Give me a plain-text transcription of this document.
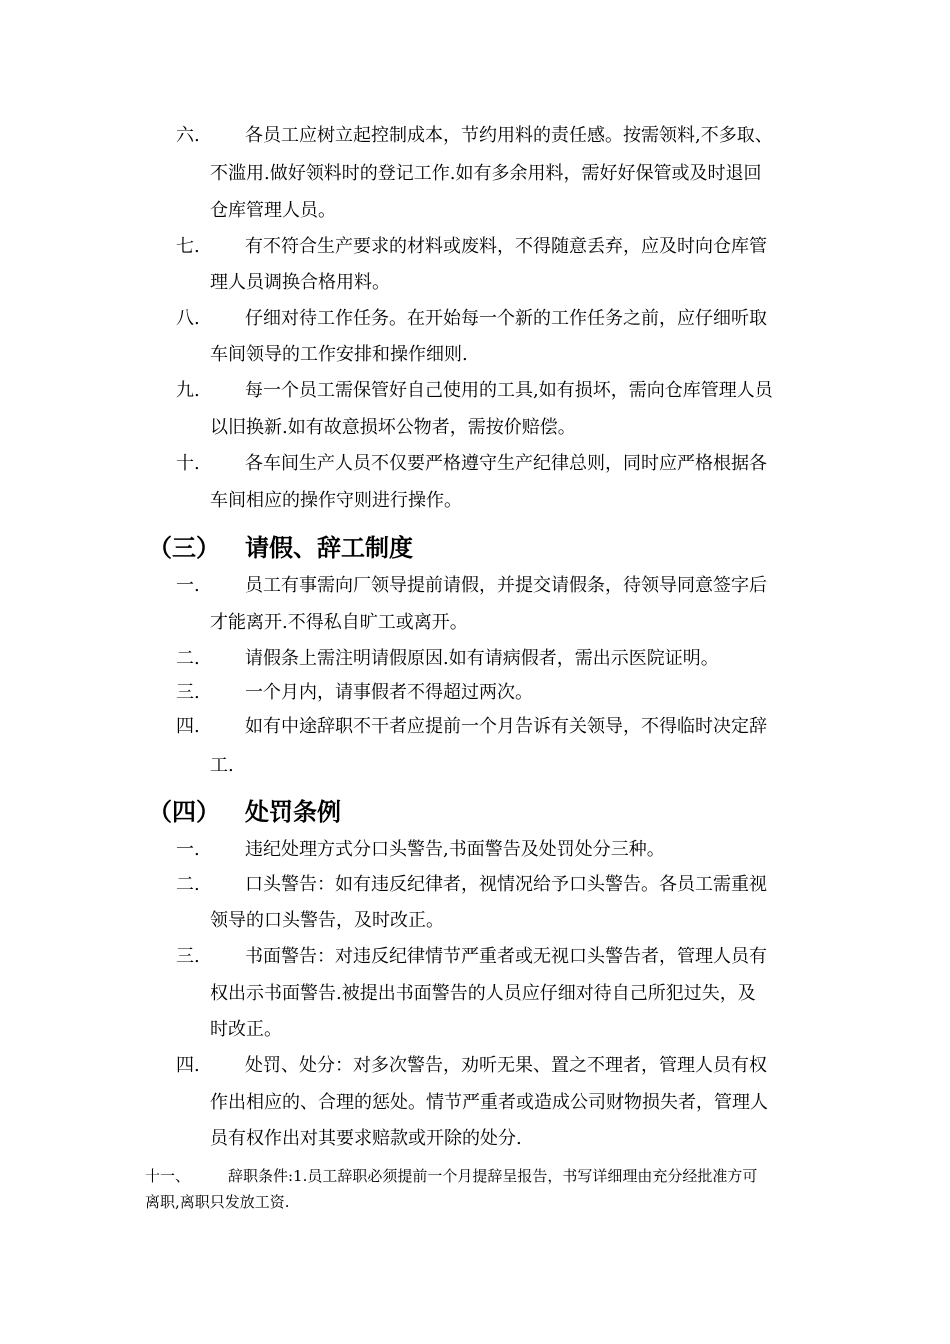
六.	各员工应树立起控制成本，节约用料的责任感。按需领料,不多取、
不滥用.做好领料时的登记工作.如有多余用料，需好好保管或及时退回
仓库管理人员。
七.	有不符合生产要求的材料或废料，不得随意丢弃，应及时向仓库管
理人员调换合格用料。
八.	仔细对待工作任务。在开始每一个新的工作任务之前，应仔细听取
车间领导的工作安排和操作细则.
九.	每一个员工需保管好自己使用的工具,如有损坏，需向仓库管理人员
以旧换新.如有故意损坏公物者，需按价赔偿。
十.	各车间生产人员不仅要严格遵守生产纪律总则，同时应严格根据各
车间相应的操作守则进行操作。
（三） 请假、辞工制度
一.	员工有事需向厂领导提前请假，并提交请假条，待领导同意签字后
才能离开.不得私自旷工或离开。
二.	请假条上需注明请假原因.如有请病假者，需出示医院证明。
三.	一个月内，请事假者不得超过两次。
四.	如有中途辞职不干者应提前一个月告诉有关领导，不得临时决定辞
工.
（四） 处罚条例
一.	违纪处理方式分口头警告,书面警告及处罚处分三种。
二.	口头警告：如有违反纪律者，视情况给予口头警告。各员工需重视
领导的口头警告，及时改正。
三.	书面警告：对违反纪律情节严重者或无视口头警告者，管理人员有
权出示书面警告.被提出书面警告的人员应仔细对待自己所犯过失，及
时改正。
四.	处罚、处分：对多次警告，劝听无果、置之不理者，管理人员有权
作出相应的、合理的惩处。情节严重者或造成公司财物损失者，管理人
员有权作出对其要求赔款或开除的处分.
十一、	辞职条件:1.员工辞职必须提前一个月提辞呈报告，书写详细理由充分经批准方可
离职,离职只发放工资.
